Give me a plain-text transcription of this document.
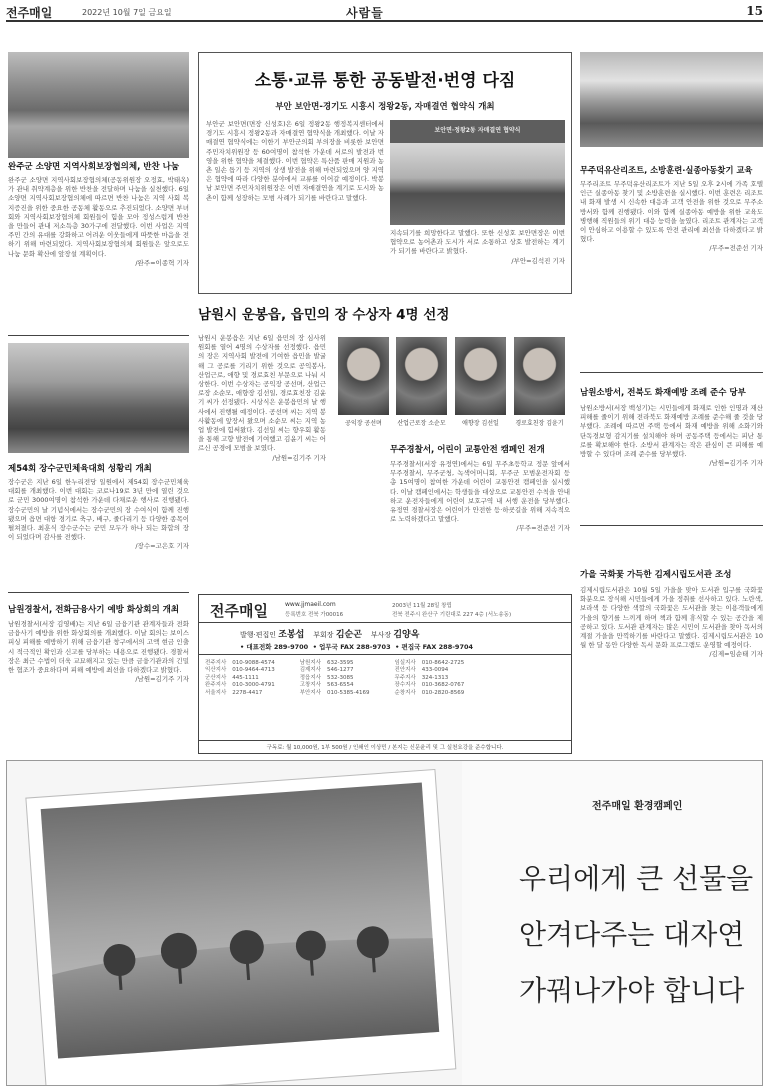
전주매일	2022년 10월 7일 금요일	사람들	15
완주군 소양면 지역사회보장협의체, 반찬 나눔
완주군 소양면 지역사회보장협의체(공동위원장 오정효, 박태옥)가 관내 취약계층을 위한 반찬을 전달하며 나눔을 실천했다. 6일 소양면 지역사회보장협의체에 따르면 반찬 나눔은 지역 사회 복지증진을 위한 중요한 공동체 활동으로 추진되었다. 소양면 부녀회와 지역사회보장협의체 회원들이 힘을 모아 정성스럽게 반찬을 만들어 관내 저소득층 30가구에 전달했다. 이번 사업은 지역 주민 간의 유대를 강화하고 어려운 이웃들에게 따뜻한 마음을 전하기 위해 마련되었다. 지역사회보장협의체 회원들은 앞으로도 나눔 문화 확산에 앞장설 계획이다.
/완주=이종혁 기자
제54회 장수군민체육대회 성황리 개최
장수군은 지난 6일 한누리전당 일원에서 제54회 장수군민체육대회를 개최했다. 이번 대회는 코로나19로 3년 만에 열린 것으로 군민 3000여명이 참석한 가운데 다채로운 행사로 진행됐다. 장수군민의 날 기념식에서는 장수군민의 장 수여식이 함께 진행됐으며 읍면 대항 경기로 축구, 배구, 줄다리기 등 다양한 종목이 펼쳐졌다. 최훈식 장수군수는 군민 모두가 하나 되는 화합의 장이 되었다며 감사를 전했다.
/장수=고은호 기자
남원경찰서, 전화금융사기 예방 화상회의 개최
남원경찰서(서장 김영배)는 지난 6일 금융기관 관계자들과 전화금융사기 예방을 위한 화상회의를 개최했다. 이날 회의는 보이스피싱 피해를 예방하기 위해 금융기관 창구에서의 고액 현금 인출 시 적극적인 확인과 신고를 당부하는 내용으로 진행됐다. 경찰서장은 최근 수법이 더욱 교묘해지고 있는 만큼 금융기관과의 긴밀한 협조가 중요하다며 피해 예방에 최선을 다하겠다고 밝혔다.
/남원=김기주 기자
소통·교류 통한 공동발전·번영 다짐
부안 보안면-경기도 시흥시 정왕2동, 자매결연 협약식 개최
부안군 보안면(면장 신성호)은 6일 정왕2동 행정복지센터에서 경기도 시흥시 정왕2동과 자매결연 협약식을 개최했다. 이날 자매결연 협약식에는 이한기 부안군의회 부의장을 비롯한 보안면 주민자치위원장 등 60여명이 참석한 가운데 서로의 발전과 번영을 위한 협약을 체결했다. 이번 협약은 특산품 판매 지원과 농촌 일손 돕기 등 지역의 상생 발전을 위해 마련되었으며 양 지역은 협약에 따라 다양한 분야에서 교류를 이어갈 예정이다. 박봉남 보안면 주민자치위원장은 이번 자매결연을 계기로 도시와 농촌이 함께 성장하는 모범 사례가 되기를 바란다고 말했다.
보안면·정왕2동 자매결연 협약식
지속되기를 희망한다고 말했다. 또한 신성호 보안면장은 이번 협약으로 농어촌과 도시가 서로 소통하고 상호 발전하는 계기가 되기를 바란다고 밝혔다.
/부안=김석진 기자
남원시 운봉읍, 읍민의 장 수상자 4명 선정
남원시 운봉읍은 지난 6일 읍민의 장 심사위원회를 열어 4명의 수상자를 선정했다. 읍민의 장은 지역사회 발전에 기여한 읍민을 발굴해 그 공로를 기리기 위한 것으로 공익봉사, 산업근로, 애향 및 경로효친 부문으로 나눠 시상한다. 이번 수상자는 공익장 공선며, 산업근로장 소순모, 애향장 김선일, 경로효친장 김윤기 씨가 선정됐다. 시상식은 운봉읍민의 날 행사에서 진행될 예정이다. 공선며 씨는 지역 봉사활동에 앞장서 왔으며 소순모 씨는 지역 농업 발전에 힘써왔다. 김선일 씨는 향우회 활동을 통해 고향 발전에 기여했고 김윤기 씨는 어르신 공경에 모범을 보였다.
/남원=김기주 기자
공익장 공선며	산업근로장 소순모	애향장 김선일	경로효친장 김윤기
무주경찰서, 어린이 교통안전 캠페인 전개
무주경찰서(서장 유정연)에서는 6일 무주초등학교 정문 앞에서 무주경찰서, 무주군청, 녹색어머니회, 무주군 모범운전자회 등 총 15여명이 참여한 가운데 어린이 교통안전 캠페인을 실시했다. 이날 캠페인에서는 학생들을 대상으로 교통안전 수칙을 안내하고 운전자들에게 어린이 보호구역 내 서행 운전을 당부했다. 유정연 경찰서장은 어린이가 안전한 등·하굣길을 위해 지속적으로 노력하겠다고 말했다.
/무주=전준선 기자
전주매일	www.jjmaeil.com
등록번호 전북 가00016
2003년 11월 28일 창립
전북 전주시 완산구 기린대로 227 4층 (서노송동)
발행·편집인 조봉섭 부회장 김순곤 부사장 김양옥
• 대표전화 289-9700  • 업무국 FAX 288-9703  • 편집국 FAX 288-9704
전주지사	010-9088-4574	남원지사	632-3595	임실지사	010-8642-2725
익산지사	010-9464-4713	김제지사	546-1277	진안지사	433-0094
군산지사	445-1111	정읍지사	532-3085	무주지사	324-1313
완주지사	010-3000-4791	고창지사	563-6554	장수지사	010-3682-0767
서울지사	2278-4417	부안지사	010-5385-4169	순창지사	010-2820-8569
구독료: 월 10,000원, 1부 500원 / 인쇄인 이상민 / 본지는 신문윤리 및 그 실천요강을 준수합니다.
무주덕유산리조트, 소방훈련·실종아동찾기 교육
무주리조트 무주덕유산리조트가 지난 5일 오후 2시에 가족 호텔 인근 실종아동 찾기 및 소방훈련을 실시했다. 이번 훈련은 리조트 내 화재 발생 시 신속한 대응과 고객 안전을 위한 것으로 무주소방서와 함께 진행됐다. 이와 함께 실종아동 예방을 위한 교육도 병행해 직원들의 위기 대응 능력을 높였다. 리조트 관계자는 고객이 안심하고 이용할 수 있도록 안전 관리에 최선을 다하겠다고 밝혔다.
/무주=전준선 기자
남원소방서, 전북도 화재예방 조례 준수 당부
남원소방서(서장 백성기)는 시민들에게 화재로 인한 인명과 재산 피해를 줄이기 위해 전라북도 화재예방 조례를 준수해 줄 것을 당부했다. 조례에 따르면 주택 등에서 화재 예방을 위해 소화기와 단독경보형 감지기를 설치해야 하며 공동주택 등에서는 피난 통로를 확보해야 한다. 소방서 관계자는 작은 관심이 큰 피해를 예방할 수 있다며 조례 준수를 당부했다.
/남원=김기주 기자
가을 국화꽃 가득한 김제시립도서관 조성
김제시립도서관은 10월 5일 가을을 맞아 도서관 입구를 국화꽃 화분으로 장식해 시민들에게 가을 정취를 선사하고 있다. 노란색, 보라색 등 다양한 색깔의 국화꽃은 도서관을 찾는 이용객들에게 가을의 향기를 느끼게 하며 책과 함께 휴식할 수 있는 공간을 제공하고 있다. 도서관 관계자는 많은 시민이 도서관을 찾아 독서의 계절 가을을 만끽하기를 바란다고 말했다. 김제시립도서관은 10월 한 달 동안 다양한 독서 문화 프로그램도 운영할 예정이다.
/김제=임순태 기자
전주매일 환경캠페인
우리에게 큰 선물을
안겨다주는 대자연
가꿔나가야 합니다
